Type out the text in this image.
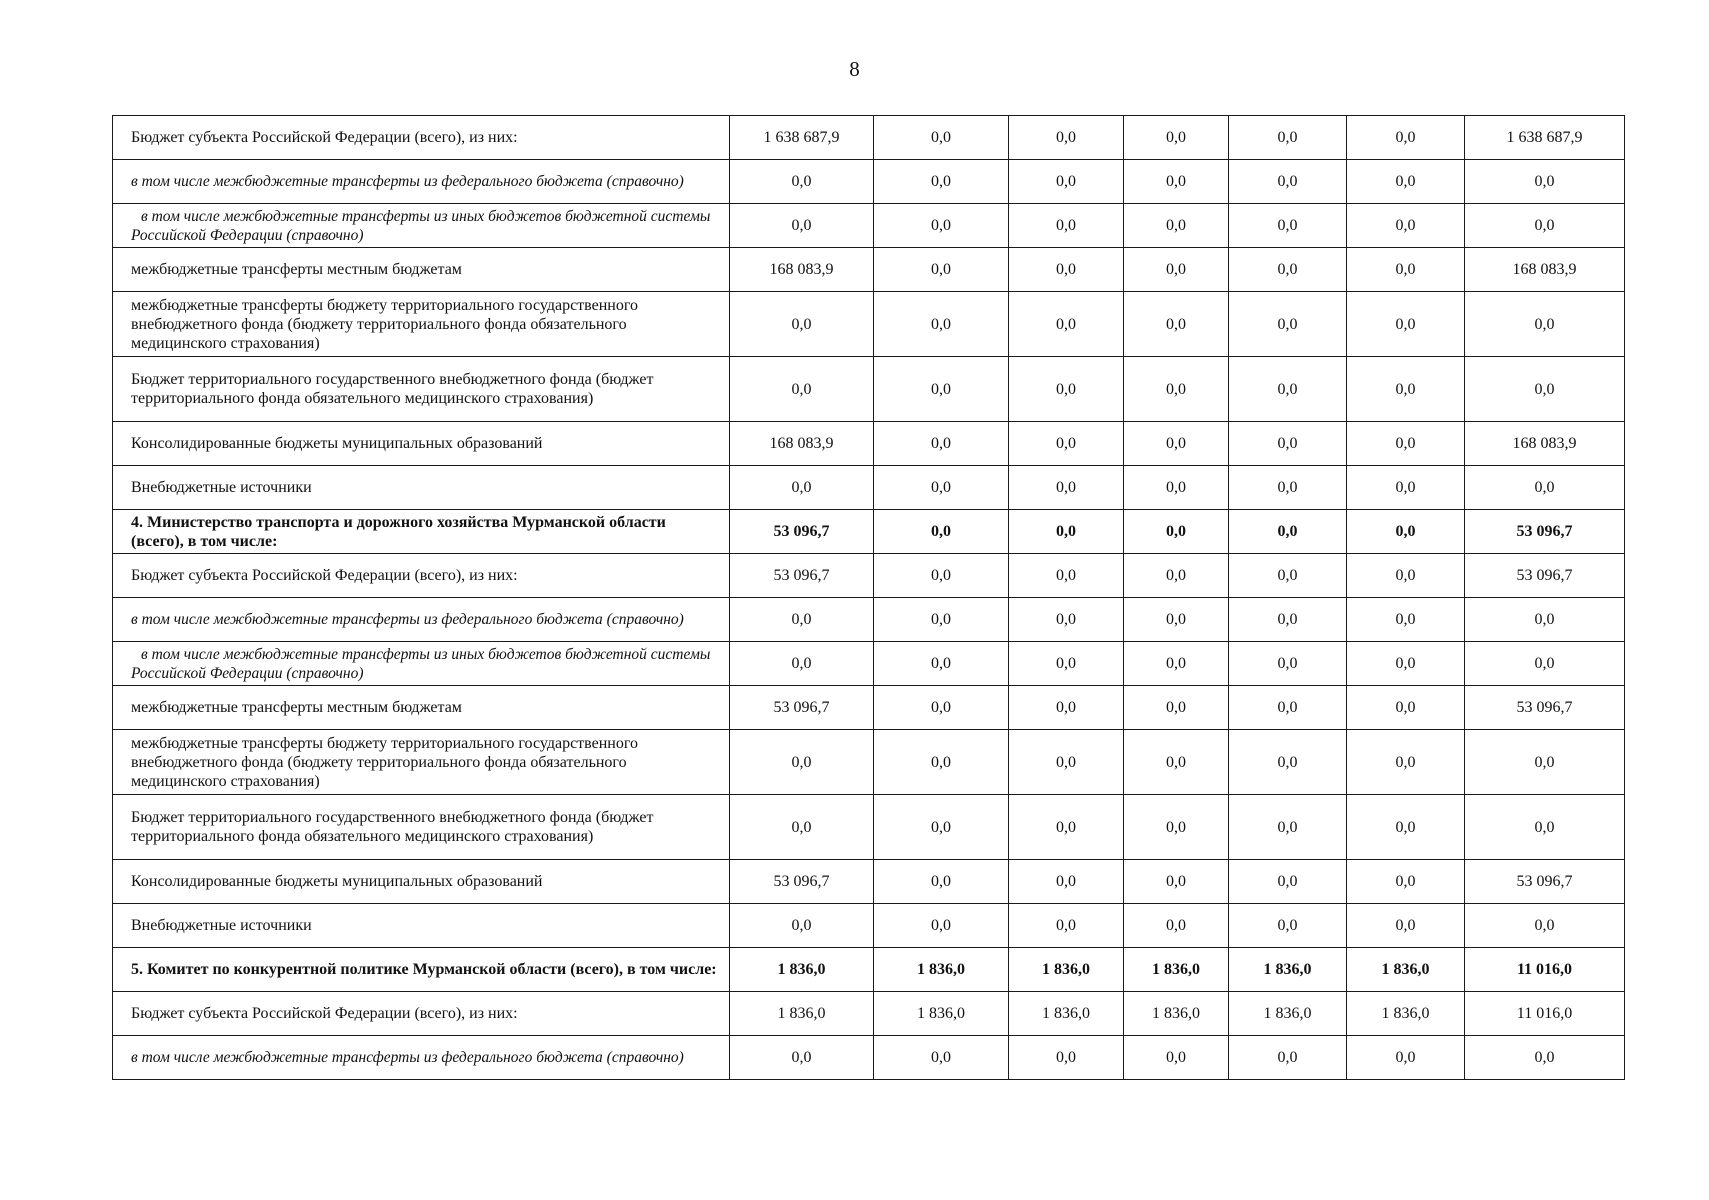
8
Бюджет субъекта Российской Федерации (всего), из них:	1 638 687,9	0,0	0,0	0,0	0,0	0,0	1 638 687,9
в том числе межбюджетные трансферты из федерального бюджета (справочно)	0,0	0,0	0,0	0,0	0,0	0,0	0,0
в том числе межбюджетные трансферты из иных бюджетов бюджетной системы Российской Федерации (справочно)	0,0	0,0	0,0	0,0	0,0	0,0	0,0
межбюджетные трансферты местным бюджетам	168 083,9	0,0	0,0	0,0	0,0	0,0	168 083,9
межбюджетные трансферты бюджету территориального государственного внебюджетного фонда (бюджету территориального фонда обязательного медицинского страхования)	0,0	0,0	0,0	0,0	0,0	0,0	0,0
Бюджет территориального государственного внебюджетного фонда (бюджет территориального фонда обязательного медицинского страхования)	0,0	0,0	0,0	0,0	0,0	0,0	0,0
Консолидированные бюджеты муниципальных образований	168 083,9	0,0	0,0	0,0	0,0	0,0	168 083,9
Внебюджетные источники	0,0	0,0	0,0	0,0	0,0	0,0	0,0
4. Министерство транспорта и дорожного хозяйства Мурманской области (всего), в том числе:	53 096,7	0,0	0,0	0,0	0,0	0,0	53 096,7
Бюджет субъекта Российской Федерации (всего), из них:	53 096,7	0,0	0,0	0,0	0,0	0,0	53 096,7
в том числе межбюджетные трансферты из федерального бюджета (справочно)	0,0	0,0	0,0	0,0	0,0	0,0	0,0
в том числе межбюджетные трансферты из иных бюджетов бюджетной системы Российской Федерации (справочно)	0,0	0,0	0,0	0,0	0,0	0,0	0,0
межбюджетные трансферты местным бюджетам	53 096,7	0,0	0,0	0,0	0,0	0,0	53 096,7
межбюджетные трансферты бюджету территориального государственного внебюджетного фонда (бюджету территориального фонда обязательного медицинского страхования)	0,0	0,0	0,0	0,0	0,0	0,0	0,0
Бюджет территориального государственного внебюджетного фонда (бюджет территориального фонда обязательного медицинского страхования)	0,0	0,0	0,0	0,0	0,0	0,0	0,0
Консолидированные бюджеты муниципальных образований	53 096,7	0,0	0,0	0,0	0,0	0,0	53 096,7
Внебюджетные источники	0,0	0,0	0,0	0,0	0,0	0,0	0,0
5. Комитет по конкурентной политике Мурманской области (всего), в том числе:	1 836,0	1 836,0	1 836,0	1 836,0	1 836,0	1 836,0	11 016,0
Бюджет субъекта Российской Федерации (всего), из них:	1 836,0	1 836,0	1 836,0	1 836,0	1 836,0	1 836,0	11 016,0
в том числе межбюджетные трансферты из федерального бюджета (справочно)	0,0	0,0	0,0	0,0	0,0	0,0	0,0
